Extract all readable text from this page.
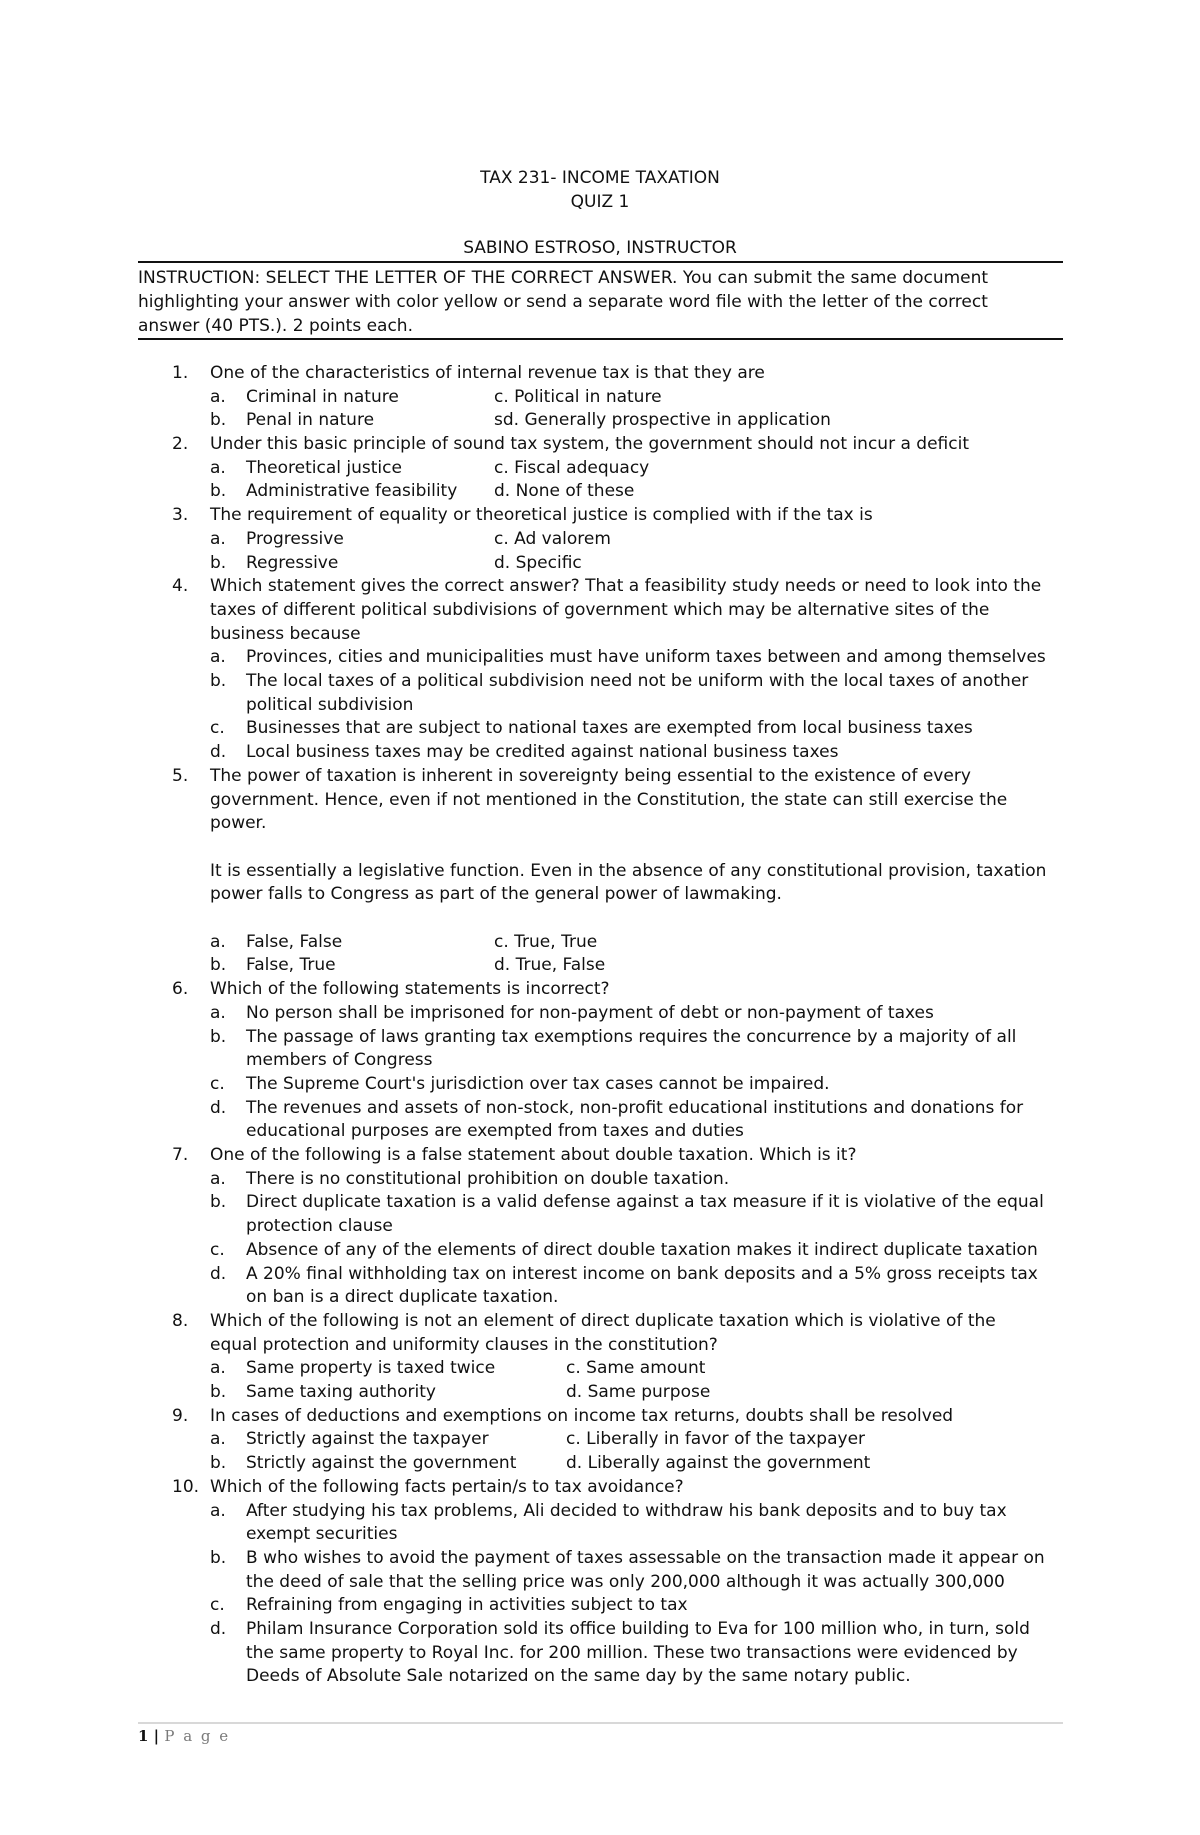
TAX 231- INCOME TAXATION
QUIZ 1
SABINO ESTROSO, INSTRUCTOR
INSTRUCTION: SELECT THE LETTER OF THE CORRECT ANSWER. You can submit the same document
highlighting your answer with color yellow or send a separate word file with the letter of the correct
answer (40 PTS.). 2 points each.
1.	One of the characteristics of internal revenue tax is that they are
a. Criminal in nature	c. Political in nature
b. Penal in nature	sd. Generally prospective in application
2.	Under this basic principle of sound tax system, the government should not incur a deficit
a. Theoretical justice	c. Fiscal adequacy
b. Administrative feasibility d. None of these
3.	The requirement of equality or theoretical justice is complied with if the tax is
a. Progressive	c. Ad valorem
b. Regressive	d. Specific
4.	Which statement gives the correct answer? That a feasibility study needs or need to look into the
taxes of different political subdivisions of government which may be alternative sites of the
business because
a. Provinces, cities and municipalities must have uniform taxes between and among themselves
b. The local taxes of a political subdivision need not be uniform with the local taxes of another
political subdivision
c. Businesses that are subject to national taxes are exempted from local business taxes
d. Local business taxes may be credited against national business taxes
5.	The power of taxation is inherent in sovereignty being essential to the existence of every
government. Hence, even if not mentioned in the Constitution, the state can still exercise the
power.
It is essentially a legislative function. Even in the absence of any constitutional provision, taxation
power falls to Congress as part of the general power of lawmaking.
a. False, False	c. True, True
b. False, True	d. True, False
6.	Which of the following statements is incorrect?
a. No person shall be imprisoned for non-payment of debt or non-payment of taxes
b. The passage of laws granting tax exemptions requires the concurrence by a majority of all
members of Congress
c. The Supreme Court's jurisdiction over tax cases cannot be impaired.
d. The revenues and assets of non-stock, non-profit educational institutions and donations for
educational purposes are exempted from taxes and duties
7.	One of the following is a false statement about double taxation. Which is it?
a. There is no constitutional prohibition on double taxation.
b. Direct duplicate taxation is a valid defense against a tax measure if it is violative of the equal
protection clause
c. Absence of any of the elements of direct double taxation makes it indirect duplicate taxation
d. A 20% final withholding tax on interest income on bank deposits and a 5% gross receipts tax
on ban is a direct duplicate taxation.
8.	Which of the following is not an element of direct duplicate taxation which is violative of the
equal protection and uniformity clauses in the constitution?
a. Same property is taxed twice	c. Same amount
b. Same taxing authority	d. Same purpose
9.	In cases of deductions and exemptions on income tax returns, doubts shall be resolved
a. Strictly against the taxpayer	c. Liberally in favor of the taxpayer
b. Strictly against the government	d. Liberally against the government
10. Which of the following facts pertain/s to tax avoidance?
a. After studying his tax problems, Ali decided to withdraw his bank deposits and to buy tax
exempt securities
b. B who wishes to avoid the payment of taxes assessable on the transaction made it appear on
the deed of sale that the selling price was only 200,000 although it was actually 300,000
c. Refraining from engaging in activities subject to tax
d. Philam Insurance Corporation sold its office building to Eva for 100 million who, in turn, sold
the same property to Royal Inc. for 200 million. These two transactions were evidenced by
Deeds of Absolute Sale notarized on the same day by the same notary public.
1 | P a g e
